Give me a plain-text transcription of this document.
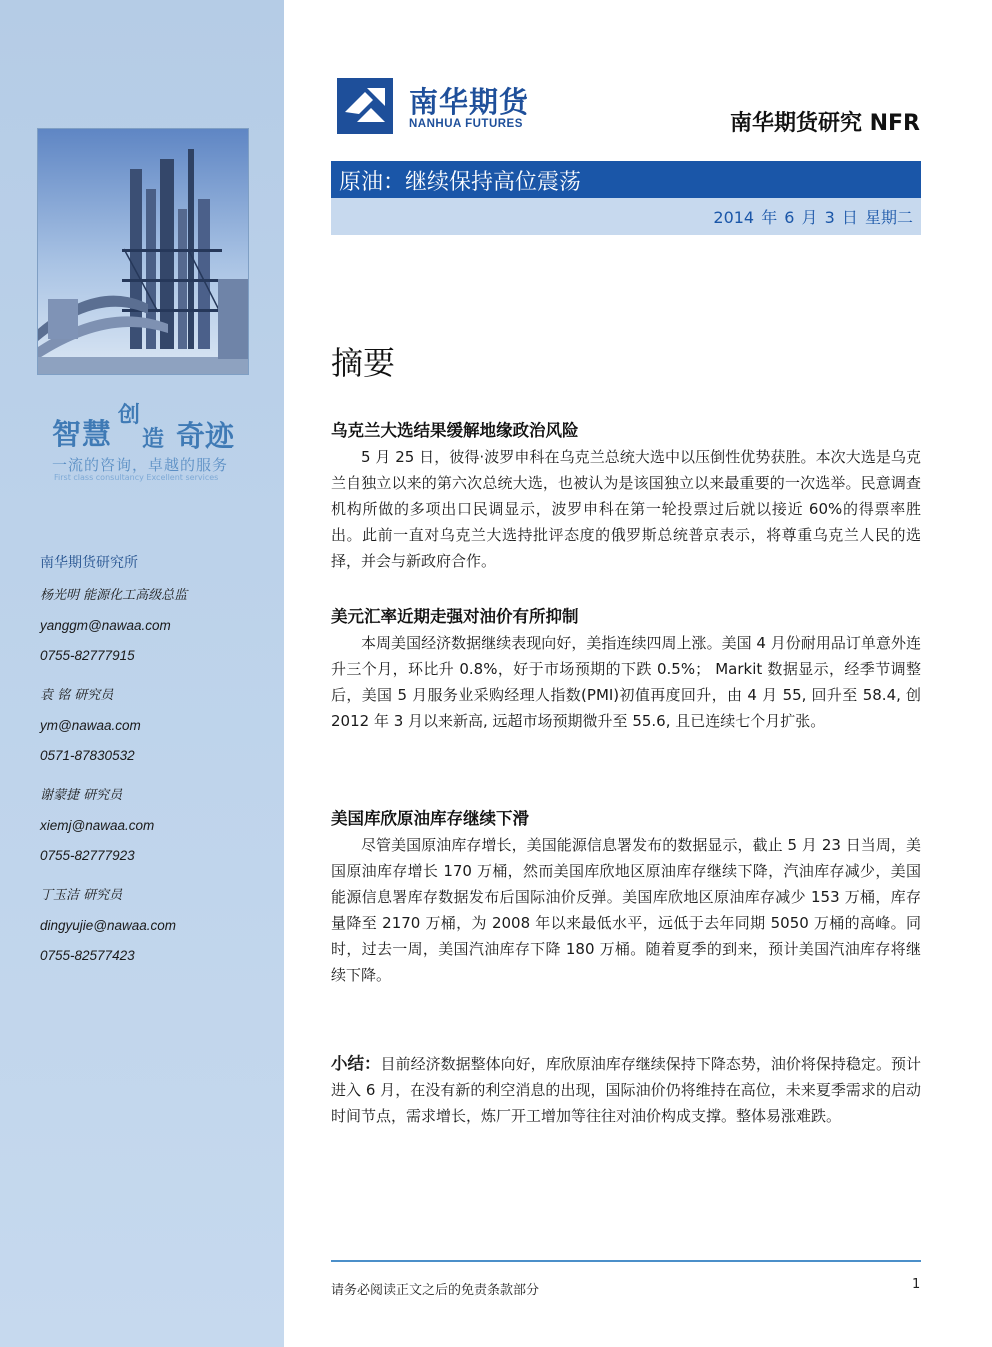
智慧
创
造 奇迹
一流的咨询，卓越的服务
First class consultancy Excellent services
南华期货研究所
杨光明 能源化工高级总监
yanggm@nawaa.com
0755-82777915
袁 铭 研究员
ym@nawaa.com
0571-87830532
谢蒙捷 研究员
xiemj@nawaa.com
0755-82777923
丁玉洁 研究员
dingyujie@nawaa.com
0755-82577423
南华期货
NANHUA FUTURES	南华期货研究 NFR
原油：继续保持高位震荡
2014 年 6 月 3 日 星期二
摘要
乌克兰大选结果缓解地缘政治风险

5 月 25 日，彼得·波罗申科在乌克兰总统大选中以压倒性优势获胜。本次大选是乌克兰自独立以来的第六次总统大选，也被认为是该国独立以来最重要的一次选举。民意调查机构所做的多项出口民调显示，波罗申科在第一轮投票过后就以接近 60%的得票率胜出。此前一直对乌克兰大选持批评态度的俄罗斯总统普京表示，将尊重乌克兰人民的选择，并会与新政府合作。

美元汇率近期走强对油价有所抑制

本周美国经济数据继续表现向好，美指连续四周上涨。美国 4 月份耐用品订单意外连升三个月，环比升 0.8%，好于市场预期的下跌 0.5%； Markit 数据显示，经季节调整后，美国 5 月服务业采购经理人指数(PMI)初值再度回升，由 4 月 55, 回升至 58.4, 创 2012 年 3 月以来新高, 远超市场预期微升至 55.6, 且已连续七个月扩张。

美国库欣原油库存继续下滑

尽管美国原油库存增长，美国能源信息署发布的数据显示，截止 5 月 23 日当周，美国原油库存增长 170 万桶，然而美国库欣地区原油库存继续下降，汽油库存减少，美国能源信息署库存数据发布后国际油价反弹。美国库欣地区原油库存减少 153 万桶，库存量降至 2170 万桶，为 2008 年以来最低水平，远低于去年同期 5050 万桶的高峰。同时，过去一周，美国汽油库存下降 180 万桶。随着夏季的到来，预计美国汽油库存将继续下降。

小结：目前经济数据整体向好，库欣原油库存继续保持下降态势，油价将保持稳定。预计进入 6 月，在没有新的利空消息的出现，国际油价仍将维持在高位，未来夏季需求的启动时间节点，需求增长，炼厂开工增加等往往对油价构成支撑。整体易涨难跌。
请务必阅读正文之后的免责条款部分	1
